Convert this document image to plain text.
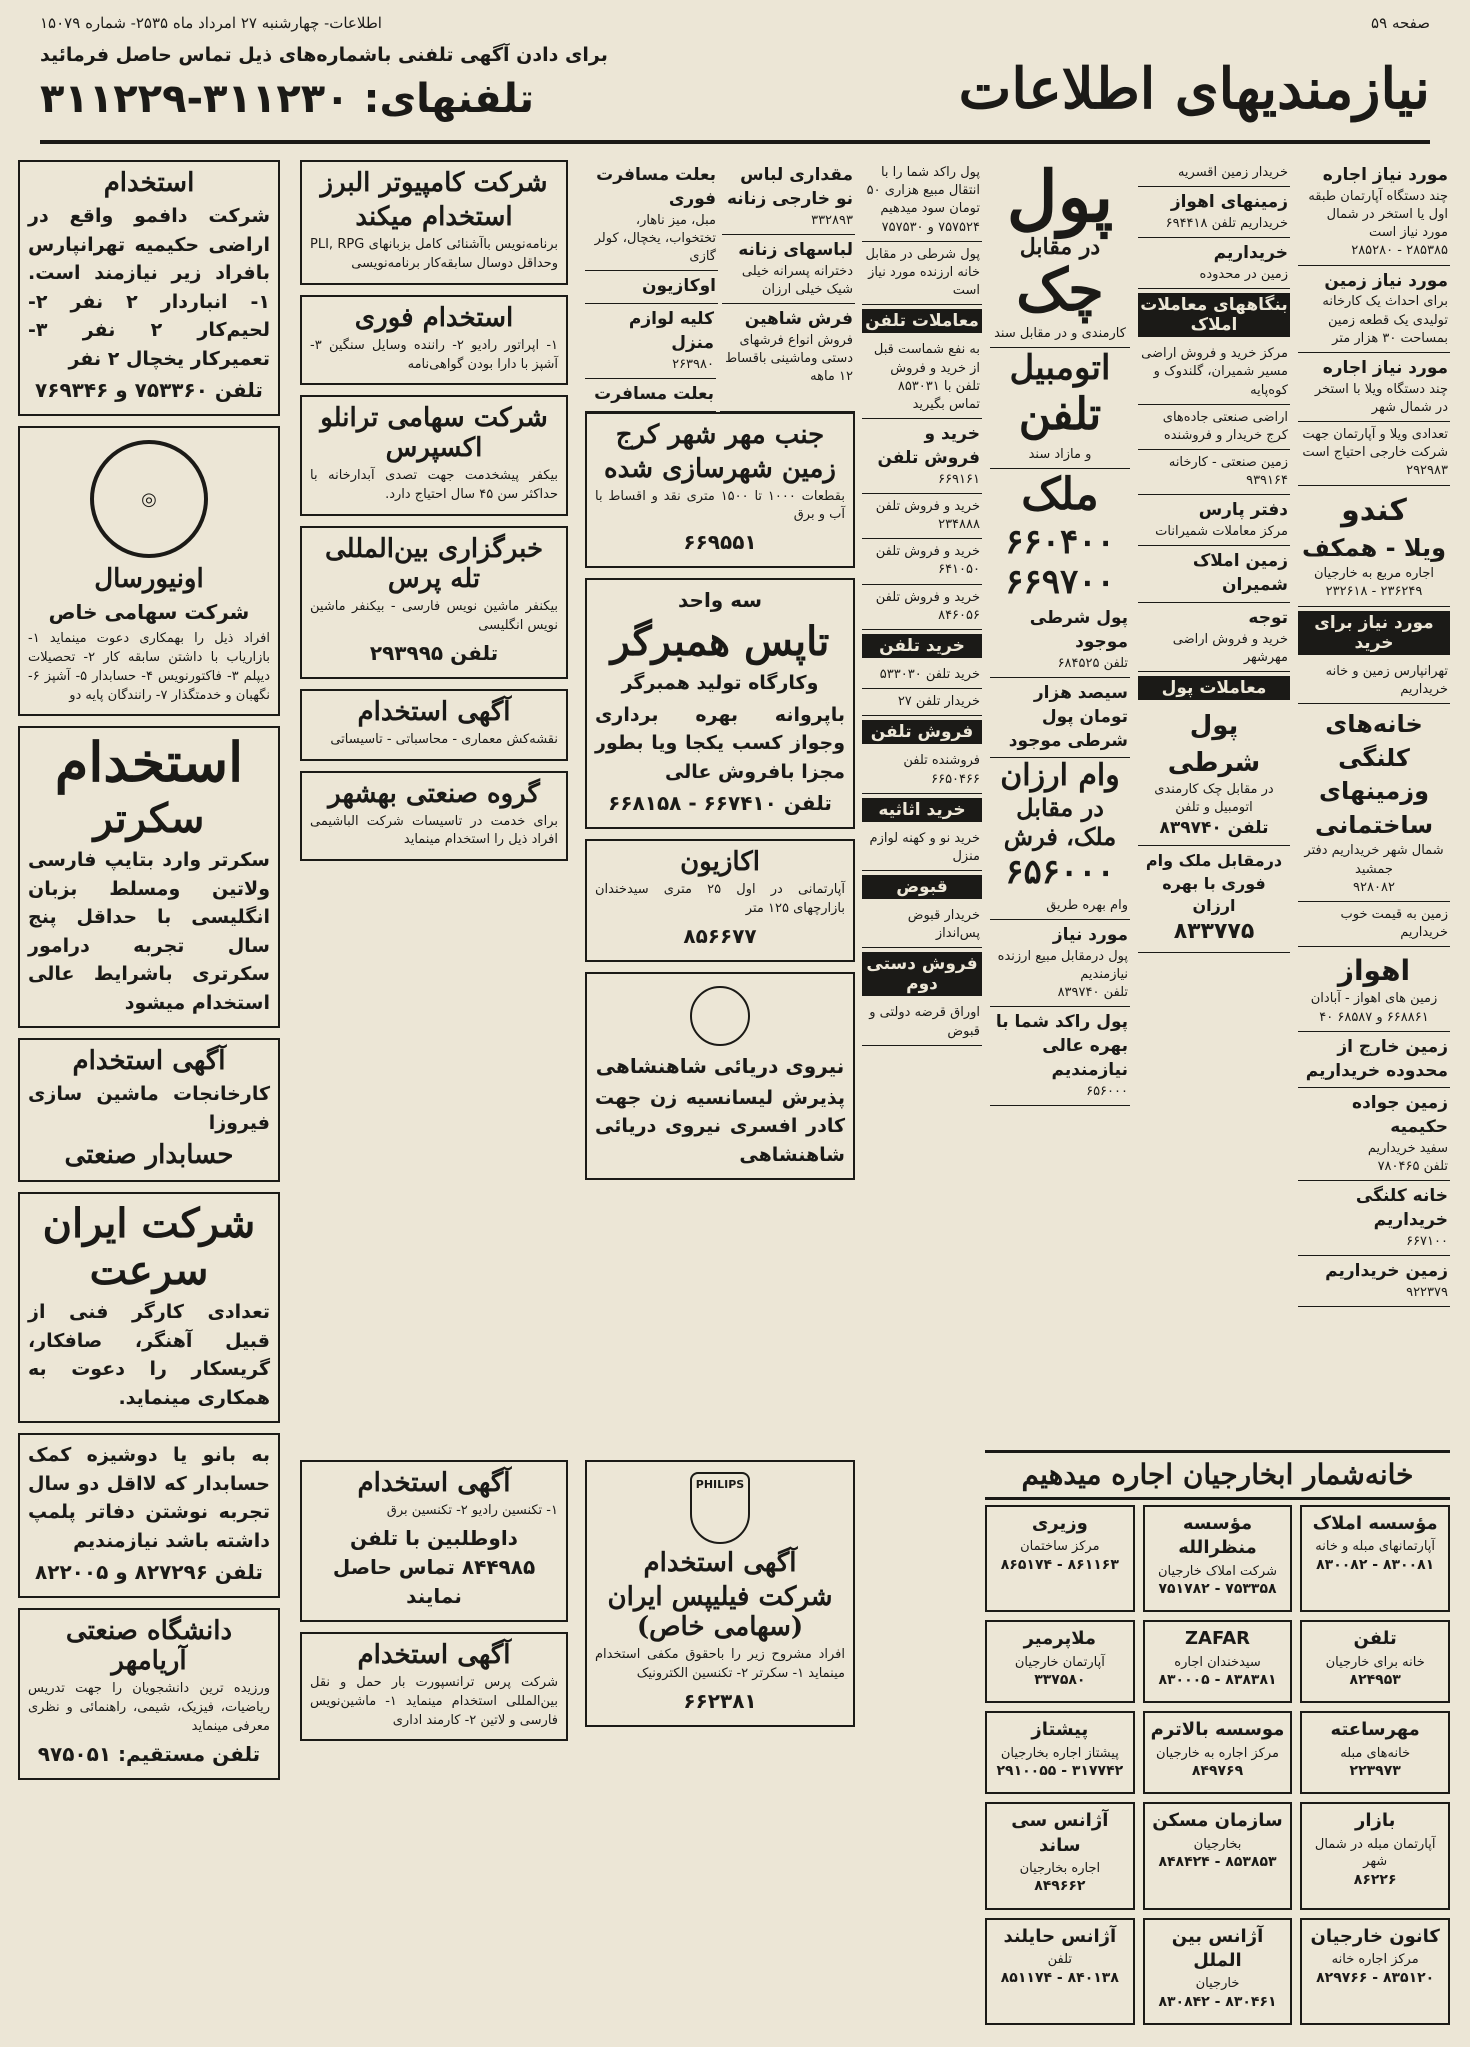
صفحه ۵۹
اطلاعات- چهارشنبه ۲۷ امرداد ماه ۲۵۳۵- شماره ۱۵۰۷۹
نیازمندیهای اطلاعات
برای دادن آگهی تلفنی باشماره‌های ذیل تماس حاصل فرمائید
تلفنهای: ۳۱۱۲۳۰-۳۱۱۲۲۹
استخدام

شرکت دافمو واقع در اراضی حکیمیه تهرانپارس بافراد زیر نیازمند است. ۱- انباردار ۲ نفر ۲- لحیم‌کار ۲ نفر ۳- تعمیرکار یخچال ۲ نفر

تلفن ۷۵۳۳۶۰ و ۷۶۹۳۴۶

◎
اونیورسال

شرکت سهامی خاص

افراد ذیل را بهمکاری دعوت مینماید ۱- بازاریاب با داشتن سابقه کار ۲- تحصیلات دیپلم ۳- فاکتورنویس ۴- حسابدار ۵- آشپز ۶- نگهبان و خدمتگذار ۷- رانندگان پایه دو

استخدام
سکرتر

سکرتر وارد بتایپ فارسی ولاتین ومسلط بزبان انگلیسی با حداقل پنج سال تجربه درامور سکرتری باشرایط عالی استخدام میشود

آگهی استخدام

کارخانجات ماشین سازی فیروزا

حسابدار صنعتی
شرکت ایران سرعت

تعدادی کارگر فنی از قبیل آهنگر، صافکار، گریسکار را دعوت به همکاری مینماید.

به بانو یا دوشیزه کمک حسابدار که لااقل دو سال تجربه نوشتن دفاتر پلمپ داشته باشد نیازمندیم

تلفن ۸۲۷۲۹۶ و ۸۲۲۰۰۵

دانشگاه صنعتی آریامهر

ورزیده ترین دانشجویان را جهت تدریس ریاضیات، فیزیک، شیمی، راهنمائی و نظری معرفی مینماید

تلفن مستقیم: ۹۷۵۰۵۱

شرکت کامپیوتر البرز
استخدام میکند

برنامه‌نویس باآشنائی کامل بزبانهای PLI, RPG وحداقل دوسال سابقه‌کار برنامه‌نویسی

استخدام فوری

۱- اپراتور رادیو ۲- راننده وسایل سنگین ۳- آشپز با دارا بودن گواهی‌نامه

شرکت سهامی ترانلو اکسپرس

بیکفر پیشخدمت جهت تصدی آبدارخانه با حداکثر سن ۴۵ سال احتیاج دارد.

خبرگزاری بین‌المللی تله پرس

بیکنفر ماشین نویس فارسی - بیکنفر ماشین نویس انگلیسی

تلفن ۲۹۳۹۹۵

آگهی استخدام

نقشه‌کش معماری - محاسباتی - تاسیساتی

گروه صنعتی بهشهر

برای خدمت در تاسیسات شرکت الباشیمی افراد ذیل را استخدام مینماید

آگهی استخدام

۱- تکنسین رادیو ۲- تکنسین برق

داوطلبین با تلفن ۸۴۴۹۸۵ تماس حاصل نمایند

آگهی استخدام

شرکت پرس ترانسپورت بار حمل و نقل بین‌المللی استخدام مینماید ۱- ماشین‌نویس فارسی و لاتین ۲- کارمند اداری

مقداری لباس نو خارجی زنانه
۳۳۲۸۹۳
لباسهای زنانه
دخترانه پسرانه خیلی شیک خیلی ارزان
بعلت مسافرت فوری
مبل، میز ناهار، تختخواب، یخچال، کولر گازی
اوکازیون
فرش شاهین
فروش انواع فرشهای دستی وماشینی باقساط ۱۲ ماهه
کلیه لوازم منزل
۲۶۳۹۸۰
بعلت مسافرت
جنب مهر شهر کرج
زمین شهرسازی شده

بقطعات ۱۰۰۰ تا ۱۵۰۰ متری نقد و اقساط با آب و برق

۶۶۹۵۵۱

سه واحد

تاپس همبرگر

وکارگاه تولید همبرگر

باپروانه بهره برداری وجواز کسب یکجا ویا بطور مجزا بافروش عالی

تلفن ۶۶۷۴۱۰ - ۶۶۸۱۵۸

اکازیون

آپارتمانی در اول ۲۵ متری سیدخندان بازارچهای ۱۲۵ متر

۸۵۶۶۷۷

نیروی دریائی شاهنشاهی

پذیرش لیسانسیه زن جهت کادر افسری نیروی دریائی شاهنشاهی

PHILIPS
آگهی استخدام
شرکت فیلیپس ایران (سهامی خاص)

افراد مشروح زیر را باحقوق مکفی استخدام مینماید ۱- سکرتر ۲- تکنسین الکترونیک

۶۶۲۳۸۱

پول راکد شما را با انتقال مبیع هزاری ۵۰ تومان سود میدهیم
۷۵۷۵۲۴ و ۷۵۷۵۳۰
پول شرطی در مقابل خانه ارزنده مورد نیاز است
معاملات تلفن
به نفع شماست قبل از خرید و فروش تلفن با ۸۵۳۰۳۱ تماس بگیرید
خرید و فروش تلفن
۶۶۹۱۶۱
خرید و فروش تلفن ۲۳۴۸۸۸
خرید و فروش تلفن ۶۴۱۰۵۰
خرید و فروش تلفن ۸۴۶۰۵۶
خرید تلفن
خرید تلفن ۵۳۳۰۳۰
خریدار تلفن ۲۷
فروش تلفن
فروشنده تلفن ۶۶۵۰۴۶۶
خرید اثاثیه
خرید نو و کهنه لوازم منزل
قبوض
خریدار قبوض پس‌انداز
فروش دستی دوم
اوراق قرضه دولتی و قبوض
پول
در مقابل
چک
کارمندی و در مقابل سند
اتومبیل
تلفن
و مازاد سند
ملک
۶۶۰۴۰۰
۶۶۹۷۰۰
پول شرطی موجود
تلفن ۶۸۴۵۲۵
سیصد هزار تومان پول شرطی موجود
وام ارزان
در مقابل ملک، فرش
۶۵۶۰۰۰
وام بهره طریق
مورد نیاز
پول درمقابل مبیع ارزنده نیازمندیم
تلفن ۸۳۹۷۴۰
پول راکد شما با بهره عالی نیازمندیم
۶۵۶۰۰۰
خریدار زمین اقسریه
زمینهای اهواز
خریداریم تلفن ۶۹۴۴۱۸
خریداریم
زمین در محدوده
بنگاههای معاملات املاک
مرکز خرید و فروش اراضی مسیر شمیران، گلندوک و کوه‌پایه
اراضی صنعتی جاده‌های کرج خریدار و فروشنده
زمین صنعتی - کارخانه ۹۳۹۱۶۴
دفتر پارس
مرکز معاملات شمیرانات
زمین املاک شمیران
توجه
خرید و فروش اراضی مهرشهر
معاملات پول
پول شرطی
در مقابل چک کارمندی اتومبیل و تلفن

تلفن ۸۳۹۷۴۰
درمقابل ملک وام فوری با بهره ارزان

۸۳۳۷۷۵
مورد نیاز اجاره
چند دستگاه آپارتمان طبقه اول یا استخر در شمال مورد نیاز است
۲۸۵۳۸۵ - ۲۸۵۲۸۰
مورد نیاز زمین
برای احداث یک کارخانه تولیدی یک قطعه زمین بمساحت ۳۰ هزار متر
مورد نیاز اجاره
چند دستگاه ویلا با استخر در شمال شهر
تعدادی ویلا و آپارتمان جهت شرکت خارجی احتیاج است
۲۹۲۹۸۳
کندو
ویلا - همکف
اجاره مربع به خارجیان
۲۳۶۲۴۹ - ۲۳۲۶۱۸
مورد نیاز برای خرید
تهرانپارس زمین و خانه خریداریم
خانه‌های کلنگی وزمینهای ساختمانی
شمال شهر خریداریم دفتر جمشید
۹۲۸۰۸۲
زمین به قیمت خوب خریداریم
اهواز
زمین های اهواز - آبادان
۶۶۸۸۶۱ و ۶۸۵۸۷ ۴۰
زمین خارج از محدوده خریداریم
زمین جواده حکیمیه
سفید خریداریم
تلفن ۷۸۰۴۶۵
خانه کلنگی خریداریم
۶۶۷۱۰۰
زمین خریداریم
۹۲۲۳۷۹
خانه‌شمار ابخارجیان اجاره میدهیم
مؤسسه املاک
آپارتمانهای مبله و خانه
۸۳۰۰۸۱ - ۸۳۰۰۸۲
مؤسسه منظرالله
شرکت املاک خارجیان
۷۵۳۳۵۸ - ۷۵۱۷۸۲
وزیری
مرکز ساختمان
۸۶۱۱۶۳ - ۸۶۵۱۷۴
تلفن
خانه برای خارجیان
۸۲۴۹۵۳
ZAFAR
سیدخندان اجاره
۸۳۸۳۸۱ - ۸۳۰۰۰۵
ملاپرمیر
آپارتمان خارجیان
۳۳۷۵۸۰
مهرساعته
خانه‌های مبله
۲۲۳۹۷۳
موسسه بالاترم
مرکز اجاره به خارجیان
۸۴۹۷۶۹
پیشتاز
پیشتاز اجاره بخارجیان
۳۱۷۷۴۲ - ۲۹۱۰۰۵۵
بازار
آپارتمان مبله در شمال شهر
۸۶۲۲۶
سازمان مسکن
بخارجیان
۸۵۳۸۵۳ - ۸۴۸۴۲۴
آژانس سی ساند
اجاره بخارجیان
۸۴۹۶۶۲
کانون خارجیان
مرکز اجاره خانه
۸۳۵۱۲۰ - ۸۲۹۷۶۶
آژانس بین الملل
خارجیان
۸۳۰۴۶۱ - ۸۳۰۸۴۲
آژانس حایلند
تلفن
۸۴۰۱۳۸ - ۸۵۱۱۷۴
